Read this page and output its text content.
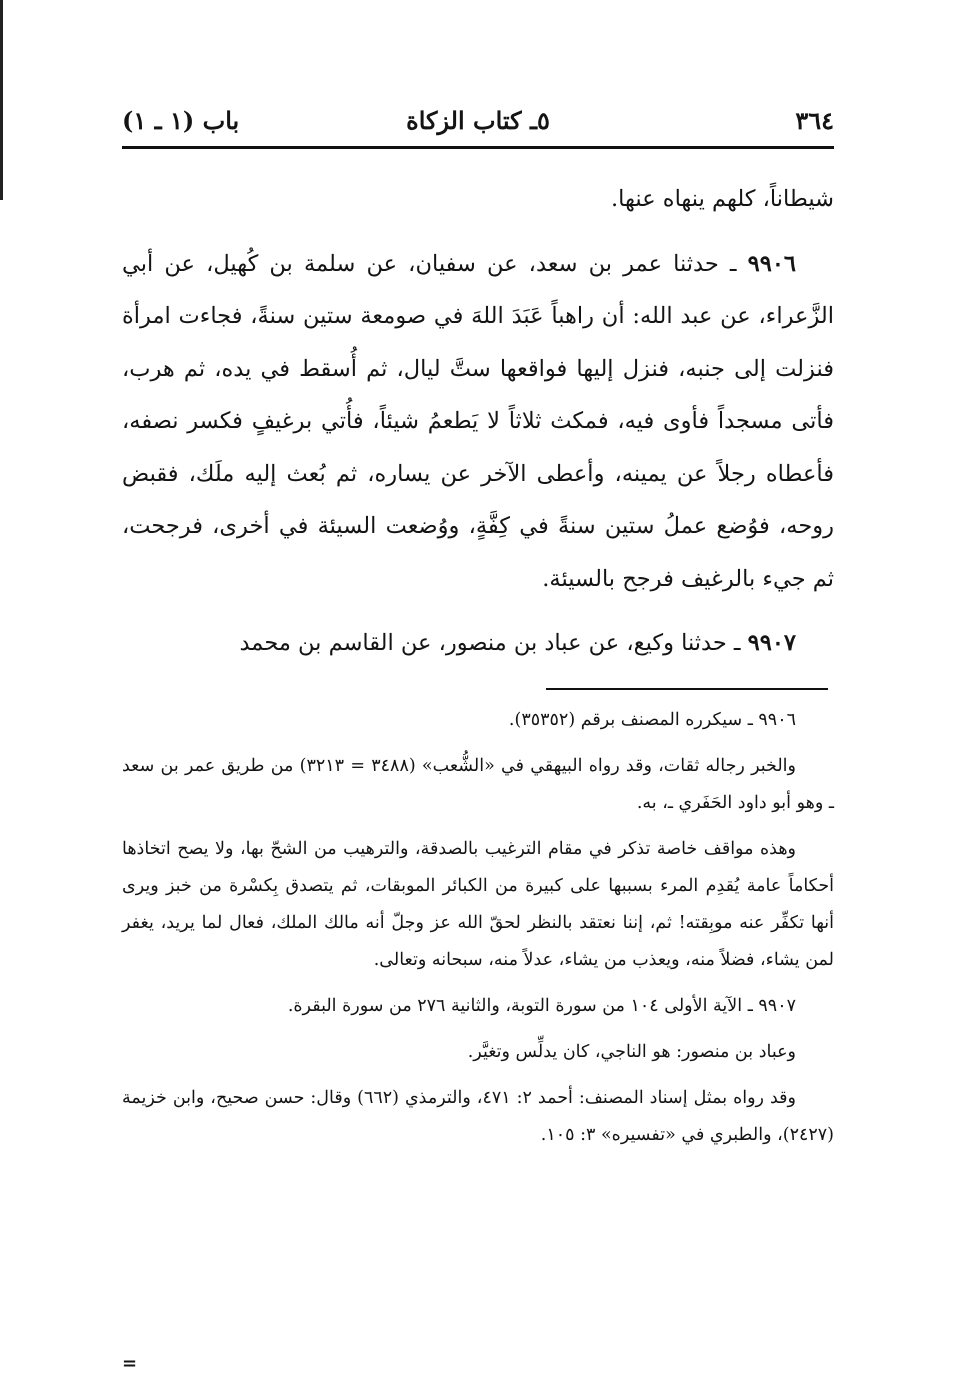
٣٦٤
٥ـ كتاب الزكاة
باب (١ ـ ١)

شيطاناً، كلهم ينهاه عنها.

٩٩٠٦ ـ حدثنا عمر بن سعد، عن سفيان، عن سلمة بن كُهيل، عن أبي الزَّعراء، عن عبد الله: أن راهباً عَبَدَ اللهَ في صومعة ستين سنةً، فجاءت امرأة فنزلت إلى جنبه، فنزل إليها فواقعها ستَّ ليال، ثم أُسقط في يده، ثم هرب، فأتى مسجداً فأوى فيه، فمكث ثلاثاً لا يَطعمُ شيئاً، فأُتي برغيفٍ فكسر نصفه، فأعطاه رجلاً عن يمينه، وأعطى الآخر عن يساره، ثم بُعث إليه ملَك، فقبض روحه، فوُضع عملُ ستين سنةً في كِفَّةٍ، ووُضعت السيئة في أخرى، فرجحت، ثم جيء بالرغيف فرجح بالسيئة.

٩٩٠٧ ـ حدثنا وكيع، عن عباد بن منصور، عن القاسم بن محمد

٩٩٠٦ ـ سيكرره المصنف برقم (٣٥٣٥٢).

والخبر رجاله ثقات، وقد رواه البيهقي في «الشُّعب» (٣٤٨٨ = ٣٢١٣) من طريق عمر بن سعد ـ وهو أبو داود الحَفَري ـ، به.

وهذه مواقف خاصة تذكر في مقام الترغيب بالصدقة، والترهيب من الشحّ بها، ولا يصح اتخاذها أحكاماً عامة يُقدِم المرء بسببها على كبيرة من الكبائر الموبقات، ثم يتصدق بِكسْرة من خبز ويرى أنها تكفِّر عنه موبِقته! ثم، إننا نعتقد بالنظر لحقّ الله عز وجلّ أنه مالك الملك، فعال لما يريد، يغفر لمن يشاء، فضلاً منه، ويعذب من يشاء، عدلاً منه، سبحانه وتعالى.

٩٩٠٧ ـ الآية الأولى ١٠٤ من سورة التوبة، والثانية ٢٧٦ من سورة البقرة.

وعباد بن منصور: هو الناجي، كان يدلِّس وتغيَّر.

وقد رواه بمثل إسناد المصنف: أحمد ٢: ٤٧١، والترمذي (٦٦٢) وقال: حسن صحيح، وابن خزيمة (٢٤٢٧)، والطبري في «تفسيره» ٣: ١٠٥.

=
